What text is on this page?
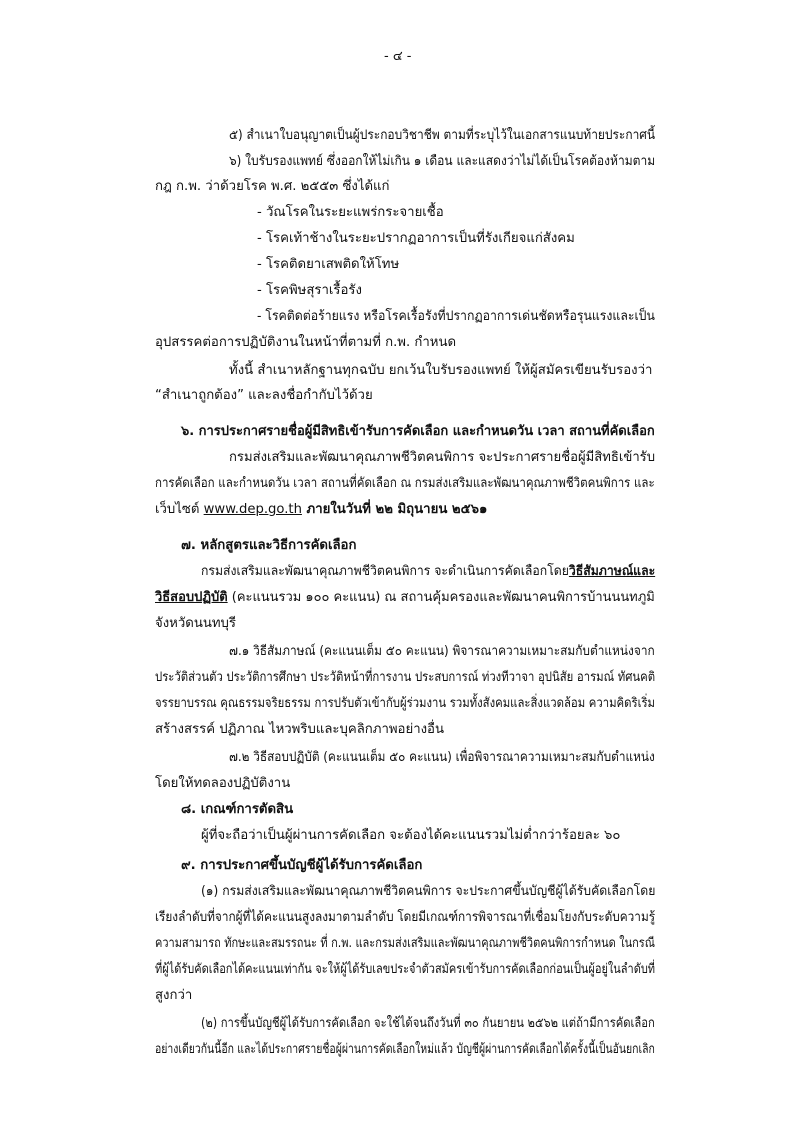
- ๔ -
๕) สำเนาใบอนุญาตเป็นผู้ประกอบวิชาชีพ ตามที่ระบุไว้ในเอกสารแนบท้ายประกาศนี้
๖) ใบรับรองแพทย์ ซึ่งออกให้ไม่เกิน ๑ เดือน และแสดงว่าไม่ได้เป็นโรคต้องห้ามตาม
กฎ ก.พ. ว่าด้วยโรค พ.ศ. ๒๕๕๓ ซึ่งได้แก่
- วัณโรคในระยะแพร่กระจายเชื้อ
- โรคเท้าช้างในระยะปรากฏอาการเป็นที่รังเกียจแก่สังคม
- โรคติดยาเสพติดให้โทษ
- โรคพิษสุราเรื้อรัง
- โรคติดต่อร้ายแรง หรือโรคเรื้อรังที่ปรากฏอาการเด่นชัดหรือรุนแรงและเป็น
อุปสรรคต่อการปฏิบัติงานในหน้าที่ตามที่ ก.พ. กำหนด
ทั้งนี้ สำเนาหลักฐานทุกฉบับ ยกเว้นใบรับรองแพทย์ ให้ผู้สมัครเขียนรับรองว่า
“สำเนาถูกต้อง” และลงชื่อกำกับไว้ด้วย
๖. การประกาศรายชื่อผู้มีสิทธิเข้ารับการคัดเลือก และกำหนดวัน เวลา สถานที่คัดเลือก
กรมส่งเสริมและพัฒนาคุณภาพชีวิตคนพิการ จะประกาศรายชื่อผู้มีสิทธิเข้ารับ
การคัดเลือก และกำหนดวัน เวลา สถานที่คัดเลือก ณ กรมส่งเสริมและพัฒนาคุณภาพชีวิตคนพิการ และ
เว็บไซต์ www.dep.go.th ภายในวันที่ ๒๒ มิถุนายน ๒๕๖๑
๗. หลักสูตรและวิธีการคัดเลือก
กรมส่งเสริมและพัฒนาคุณภาพชีวิตคนพิการ จะดำเนินการคัดเลือกโดยวิธีสัมภาษณ์และ
วิธีสอบปฏิบัติ (คะแนนรวม ๑๐๐ คะแนน) ณ สถานคุ้มครองและพัฒนาคนพิการบ้านนนทภูมิ
จังหวัดนนทบุรี
๗.๑ วิธีสัมภาษณ์ (คะแนนเต็ม ๕๐ คะแนน) พิจารณาความเหมาะสมกับตำแหน่งจาก
ประวัติส่วนตัว ประวัติการศึกษา ประวัติหน้าที่การงาน ประสบการณ์ ท่วงทีวาจา อุปนิสัย อารมณ์ ทัศนคติ
จรรยาบรรณ คุณธรรมจริยธรรม การปรับตัวเข้ากับผู้ร่วมงาน รวมทั้งสังคมและสิ่งแวดล้อม ความคิดริเริ่ม
สร้างสรรค์ ปฏิภาณ ไหวพริบและบุคลิกภาพอย่างอื่น
๗.๒ วิธีสอบปฏิบัติ (คะแนนเต็ม ๕๐ คะแนน) เพื่อพิจารณาความเหมาะสมกับตำแหน่ง
โดยให้ทดลองปฏิบัติงาน
๘. เกณฑ์การตัดสิน
ผู้ที่จะถือว่าเป็นผู้ผ่านการคัดเลือก จะต้องได้คะแนนรวมไม่ต่ำกว่าร้อยละ ๖๐
๙. การประกาศขึ้นบัญชีผู้ได้รับการคัดเลือก
(๑) กรมส่งเสริมและพัฒนาคุณภาพชีวิตคนพิการ จะประกาศขึ้นบัญชีผู้ได้รับคัดเลือกโดย
เรียงลำดับที่จากผู้ที่ได้คะแนนสูงลงมาตามลำดับ โดยมีเกณฑ์การพิจารณาที่เชื่อมโยงกับระดับความรู้
ความสามารถ ทักษะและสมรรถนะ ที่ ก.พ. และกรมส่งเสริมและพัฒนาคุณภาพชีวิตคนพิการกำหนด ในกรณี
ที่ผู้ได้รับคัดเลือกได้คะแนนเท่ากัน จะให้ผู้ได้รับเลขประจำตัวสมัครเข้ารับการคัดเลือกก่อนเป็นผู้อยู่ในลำดับที่
สูงกว่า
(๒) การขึ้นบัญชีผู้ได้รับการคัดเลือก จะใช้ได้จนถึงวันที่ ๓๐ กันยายน ๒๕๖๒ แต่ถ้ามีการคัดเลือก
อย่างเดียวกันนี้อีก และได้ประกาศรายชื่อผู้ผ่านการคัดเลือกใหม่แล้ว บัญชีผู้ผ่านการคัดเลือกได้ครั้งนี้เป็นอันยกเลิก
